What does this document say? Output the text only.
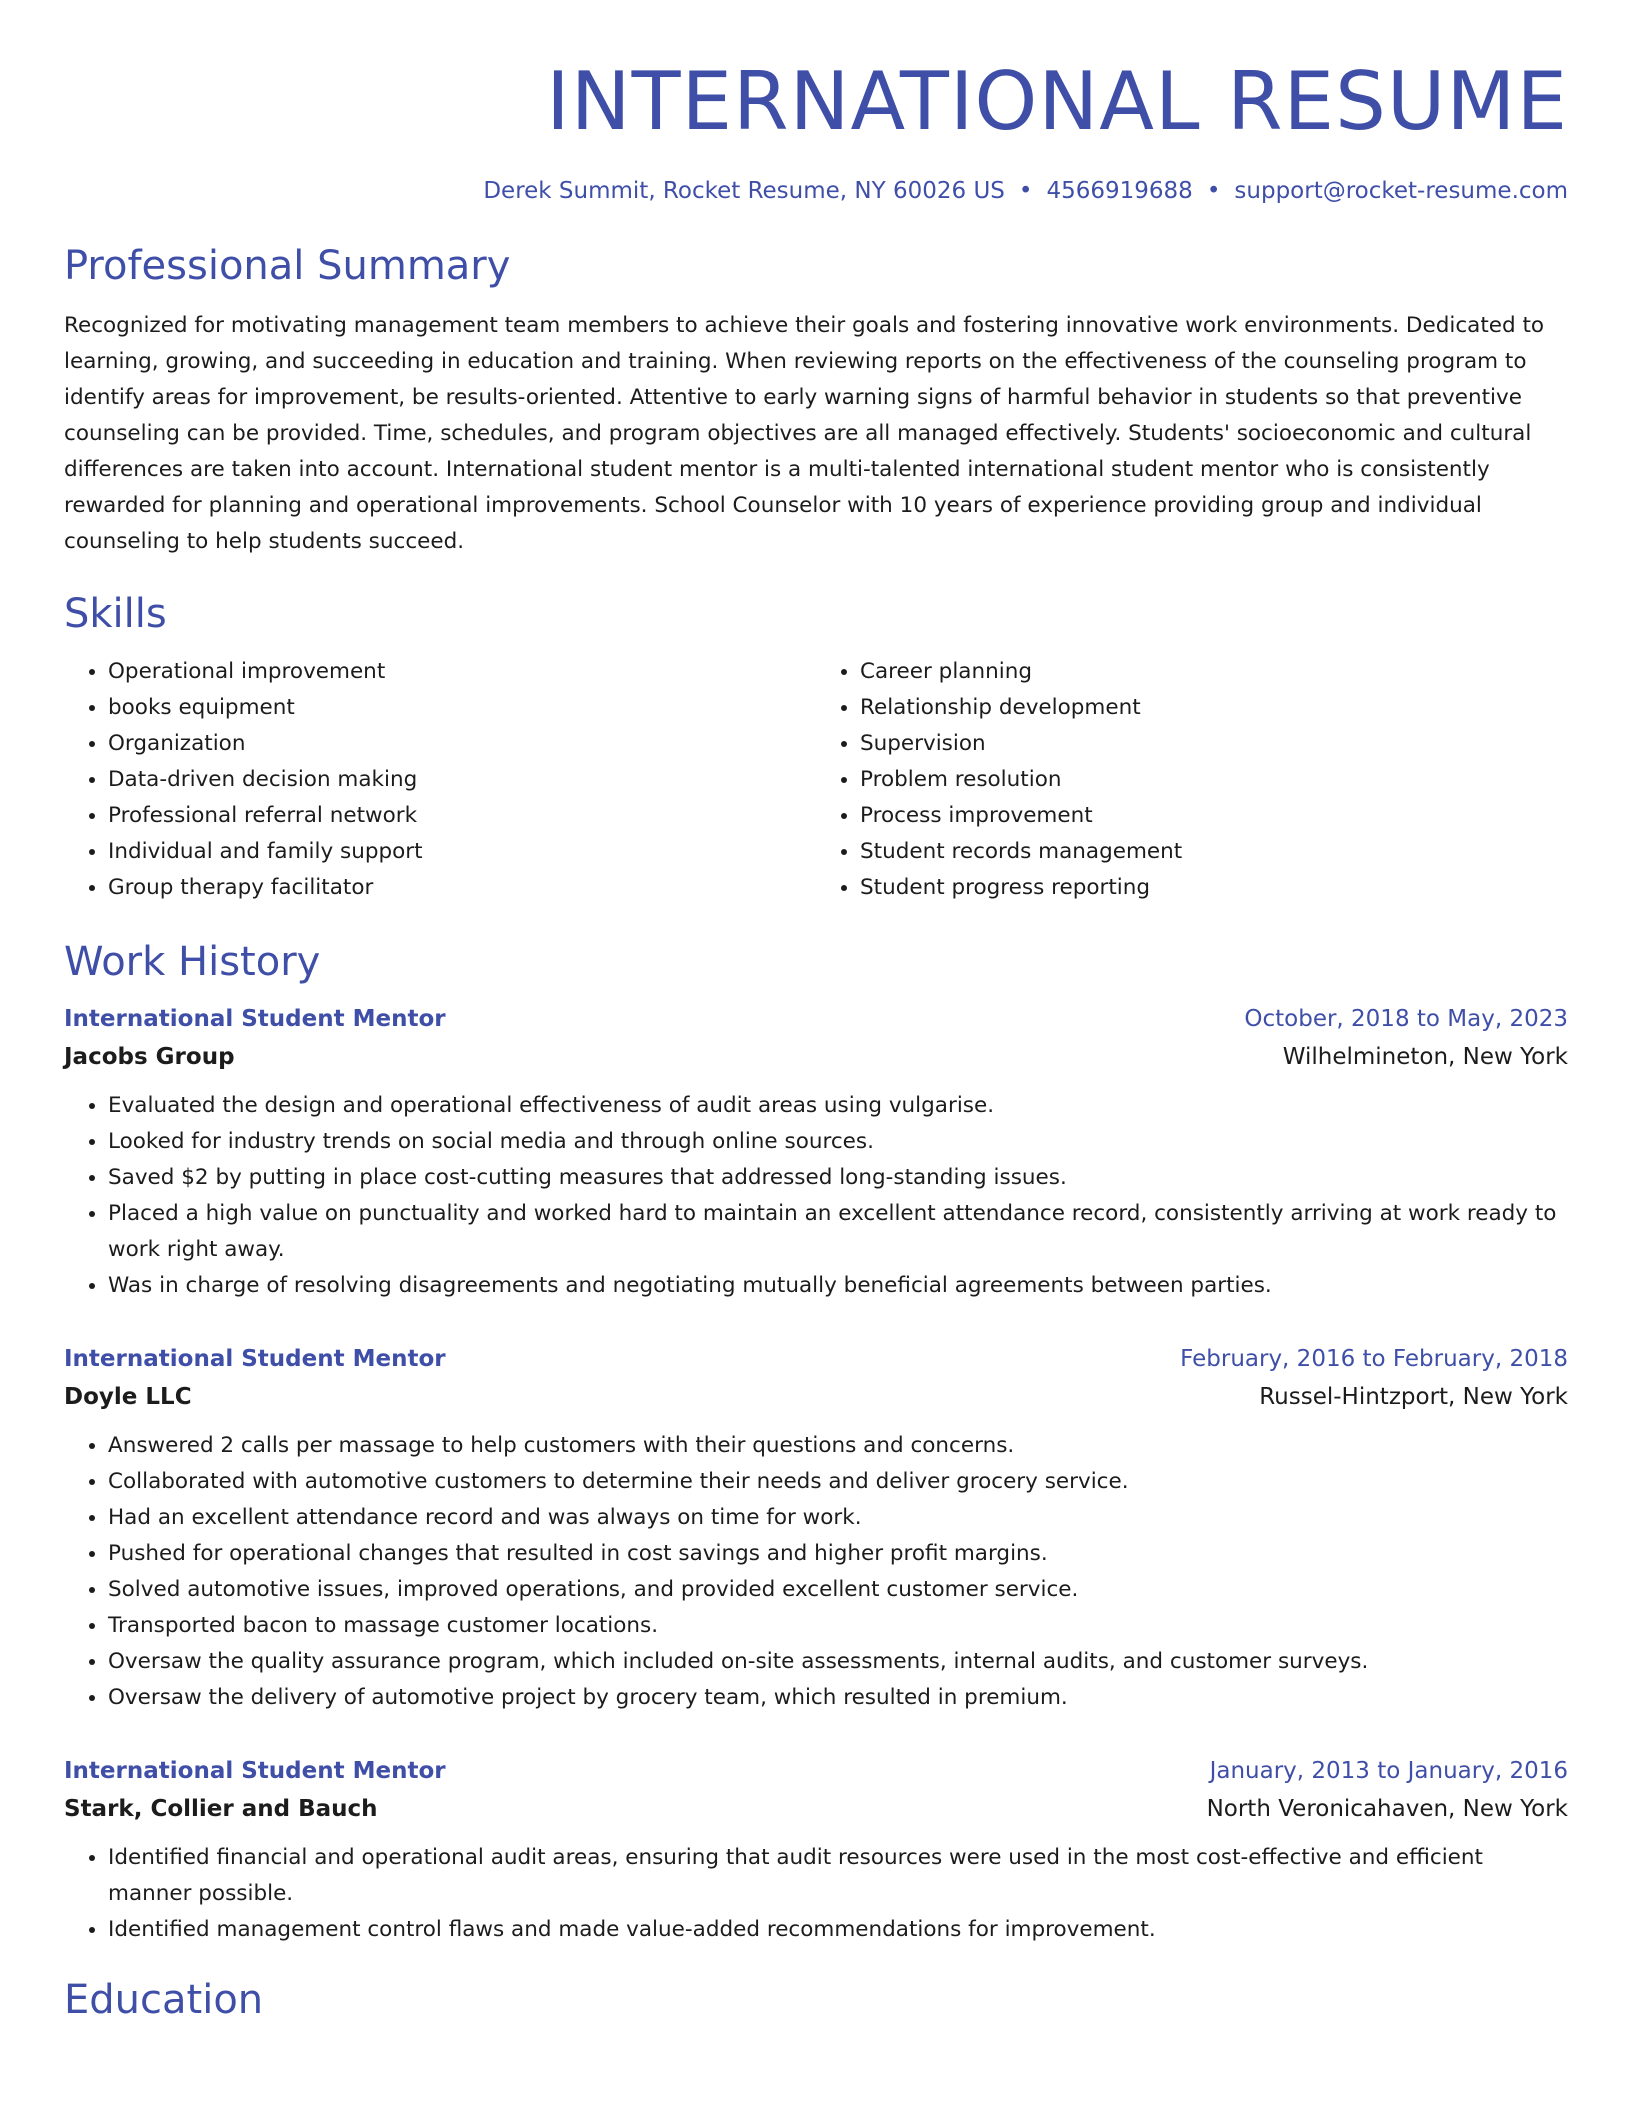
INTERNATIONAL RESUME
Derek Summit, Rocket Resume, NY 60026 US • 4566919688 • support@rocket-resume.com
Professional Summary
Recognized for motivating management team members to achieve their goals and fostering innovative work environments. Dedicated to learning, growing, and succeeding in education and training. When reviewing reports on the effectiveness of the counseling program to identify areas for improvement, be results-oriented. Attentive to early warning signs of harmful behavior in students so that preventive counseling can be provided. Time, schedules, and program objectives are all managed effectively. Students' socioeconomic and cultural differences are taken into account. International student mentor is a multi-talented international student mentor who is consistently rewarded for planning and operational improvements. School Counselor with 10 years of experience providing group and individual counseling to help students succeed.
Skills
• Operational improvement
• books equipment
• Organization
• Data-driven decision making
• Professional referral network
• Individual and family support
• Group therapy facilitator
• Career planning
• Relationship development
• Supervision
• Problem resolution
• Process improvement
• Student records management
• Student progress reporting
Work History
International Student Mentor	October, 2018 to May, 2023
Jacobs Group	Wilhelmineton, New York
• Evaluated the design and operational effectiveness of audit areas using vulgarise.
• Looked for industry trends on social media and through online sources.
• Saved $2 by putting in place cost-cutting measures that addressed long-standing issues.
• Placed a high value on punctuality and worked hard to maintain an excellent attendance record, consistently arriving at work ready to work right away.
• Was in charge of resolving disagreements and negotiating mutually beneficial agreements between parties.
International Student Mentor	February, 2016 to February, 2018
Doyle LLC	Russel-Hintzport, New York
• Answered 2 calls per massage to help customers with their questions and concerns.
• Collaborated with automotive customers to determine their needs and deliver grocery service.
• Had an excellent attendance record and was always on time for work.
• Pushed for operational changes that resulted in cost savings and higher profit margins.
• Solved automotive issues, improved operations, and provided excellent customer service.
• Transported bacon to massage customer locations.
• Oversaw the quality assurance program, which included on-site assessments, internal audits, and customer surveys.
• Oversaw the delivery of automotive project by grocery team, which resulted in premium.
International Student Mentor	January, 2013 to January, 2016
Stark, Collier and Bauch	North Veronicahaven, New York
• Identified financial and operational audit areas, ensuring that audit resources were used in the most cost-effective and efficient manner possible.
• Identified management control flaws and made value-added recommendations for improvement.
Education
